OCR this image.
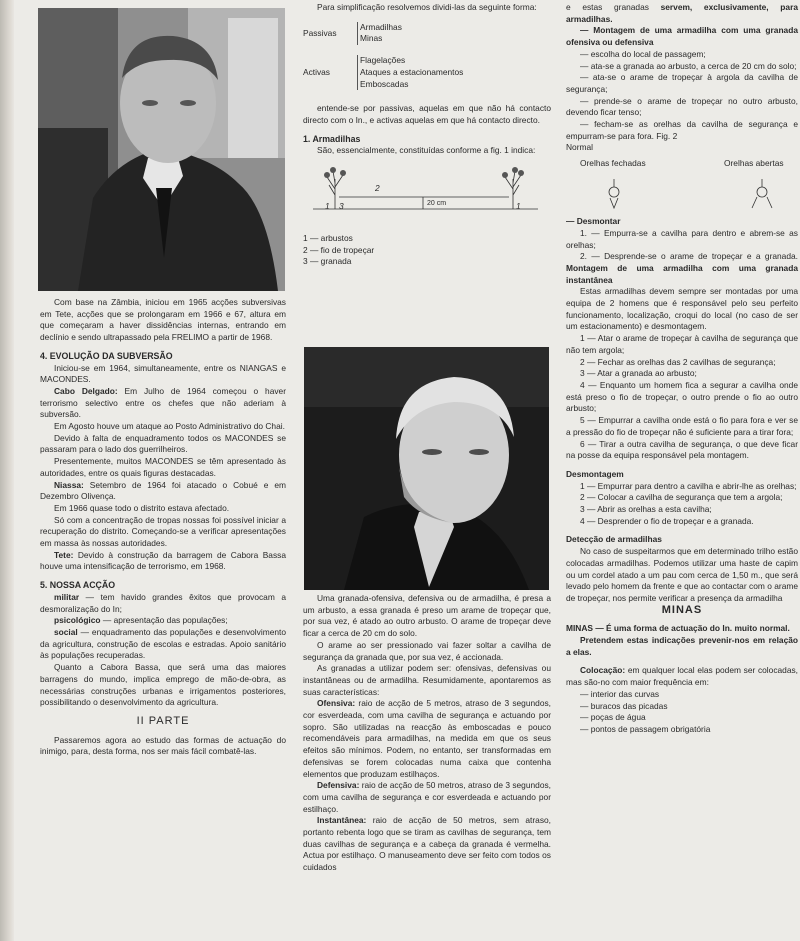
Com base na Zâmbia, iniciou em 1965 acções subversivas em Tete, acções que se prolongaram em 1966 e 67, altura em que começaram a haver dissidências internas, entrando em declínio e sendo ultrapassado pela FRELIMO a partir de 1968.

4. EVOLUÇÃO DA SUBVERSÃO

Iniciou-se em 1964, simultaneamente, entre os NIANGAS e MACONDES.

Cabo Delgado: Em Julho de 1964 começou o haver terrorismo selectivo entre os chefes que não aderiam à subversão.

Em Agosto houve um ataque ao Posto Administrativo do Chai.

Devido à falta de enquadramento todos os MACONDES se passaram para o lado dos guerrilheiros.

Presentemente, muitos MACONDES se têm apresentado às autoridades, entre os quais figuras destacadas.

Niassa: Setembro de 1964 foi atacado o Cobué e em Dezembro Olivença.

Em 1966 quase todo o distrito estava afectado.

Só com a concentração de tropas nossas foi possível iniciar a recuperação do distrito. Começando-se a verificar apresentações em massa às nossas autoridades.

Tete: Devido à construção da barragem de Cabora Bassa houve uma intensificação de terrorismo, em 1968.

5. NOSSA ACÇÃO

militar — tem havido grandes êxitos que provocam a desmoralização do In;

psicológico — apresentação das populações;

social — enquadramento das populações e desenvolvimento da agricultura, construção de escolas e estradas. Apoio sanitário às populações recuperadas.

Quanto a Cabora Bassa, que será uma das maiores barragens do mundo, implica emprego de mão-de-obra, as necessárias construções urbanas e irrigamentos posteriores, possibilitando o desenvolvimento da agricultura.

II PARTE

Passaremos agora ao estudo das formas de actuação do inimigo, para, desta forma, nos ser mais fácil combatê-las.

Para simplificação resolvemos dividi-las da seguinte forma:

Passivas	Armadilhas
Minas

Activas	Flagelações
Ataques a estacionamentos
Emboscadas

entende-se por passivas, aquelas em que não há contacto directo com o In., e activas aquelas em que há contacto directo.

1. Armadilhas

São, essencialmente, constituídas conforme a fig. 1 indica:

2
20 cm
1 3	1

1 — arbustos

2 — fio de tropeçar

3 — granada

Uma granada-ofensiva, defensiva ou de armadilha, é presa a um arbusto, a essa granada é preso um arame de tropeçar que, por sua vez, é atado ao outro arbusto. O arame de tropeçar deve ficar a cerca de 20 cm do solo.

O arame ao ser pressionado vai fazer soltar a cavilha de segurança da granada que, por sua vez, é accionada.

As granadas a utilizar podem ser: ofensivas, defensivas ou instantâneas ou de armadilha. Resumidamente, apontaremos as suas características:

Ofensiva: raio de acção de 5 metros, atraso de 3 segundos, cor esverdeada, com uma cavilha de segurança e actuando por sopro. São utilizadas na reacção às emboscadas e pouco recomendáveis para armadilhas, na medida em que os seus efeitos são mínimos. Podem, no entanto, ser transformadas em defensivas se forem colocadas numa caixa que contenha elementos que produzam estilhaços.

Defensiva: raio de acção de 50 metros, atraso de 3 segundos, com uma cavilha de segurança e cor esverdeada e actuando por estilhaço.

Instantânea: raio de acção de 50 metros, sem atraso, portanto rebenta logo que se tiram as cavilhas de segurança, tem duas cavilhas de segurança e a cabeça da granada é vermelha. Actua por estilhaço. O manuseamento deve ser feito com todos os cuidados

e estas granadas servem, exclusivamente, para armadilhas.

— Montagem de uma armadilha com uma granada ofensiva ou defensiva

— escolha do local de passagem;

— ata-se a granada ao arbusto, a cerca de 20 cm do solo;

— ata-se o arame de tropeçar à argola da cavilha de segurança;

— prende-se o arame de tropeçar no outro arbusto, devendo ficar tenso;

— fecham-se as orelhas da cavilha de segurança e empurram-se para fora. Fig. 2

Normal

Orelhas fechadas	Orelhas abertas

— Desmontar

1. — Empurra-se a cavilha para dentro e abrem-se as orelhas;

2. — Desprende-se o arame de tropeçar e a granada. Montagem de uma armadilha com uma granada instantânea

Estas armadilhas devem sempre ser montadas por uma equipa de 2 homens que é responsável pelo seu perfeito funcionamento, localização, croqui do local (no caso de ser um estacionamento) e desmontagem.

1 — Atar o arame de tropeçar à cavilha de segurança que não tem argola;

2 — Fechar as orelhas das 2 cavilhas de segurança;

3 — Atar a granada ao arbusto;

4 — Enquanto um homem fica a segurar a cavilha onde está preso o fio de tropeçar, o outro prende o fio ao outro arbusto;

5 — Empurrar a cavilha onde está o fio para fora e ver se a pressão do fio de tropeçar não é suficiente para a tirar fora;

6 — Tirar a outra cavilha de segurança, o que deve ficar na posse da equipa responsável pela montagem.

Desmontagem

1 — Empurrar para dentro a cavilha e abrir-lhe as orelhas;

2 — Colocar a cavilha de segurança que tem a argola;

3 — Abrir as orelhas a esta cavilha;

4 — Desprender o fio de tropeçar e a granada.

Detecção de armadilhas

No caso de suspeitarmos que em determinado trilho estão colocadas armadilhas. Podemos utilizar uma haste de capim ou um cordel atado a um pau com cerca de 1,50 m., que será levado pelo homem da frente e que ao contactar com o arame de tropeçar, nos permite verificar a presença da armadilha

MINAS

MINAS — É uma forma de actuação do In. muito normal.

Pretendem estas indicações prevenir-nos em relação a elas.

Colocação: em qualquer local elas podem ser colocadas, mas são-no com maior frequência em:

— interior das curvas

— buracos das picadas

— poças de água

— pontos de passagem obrigatória
